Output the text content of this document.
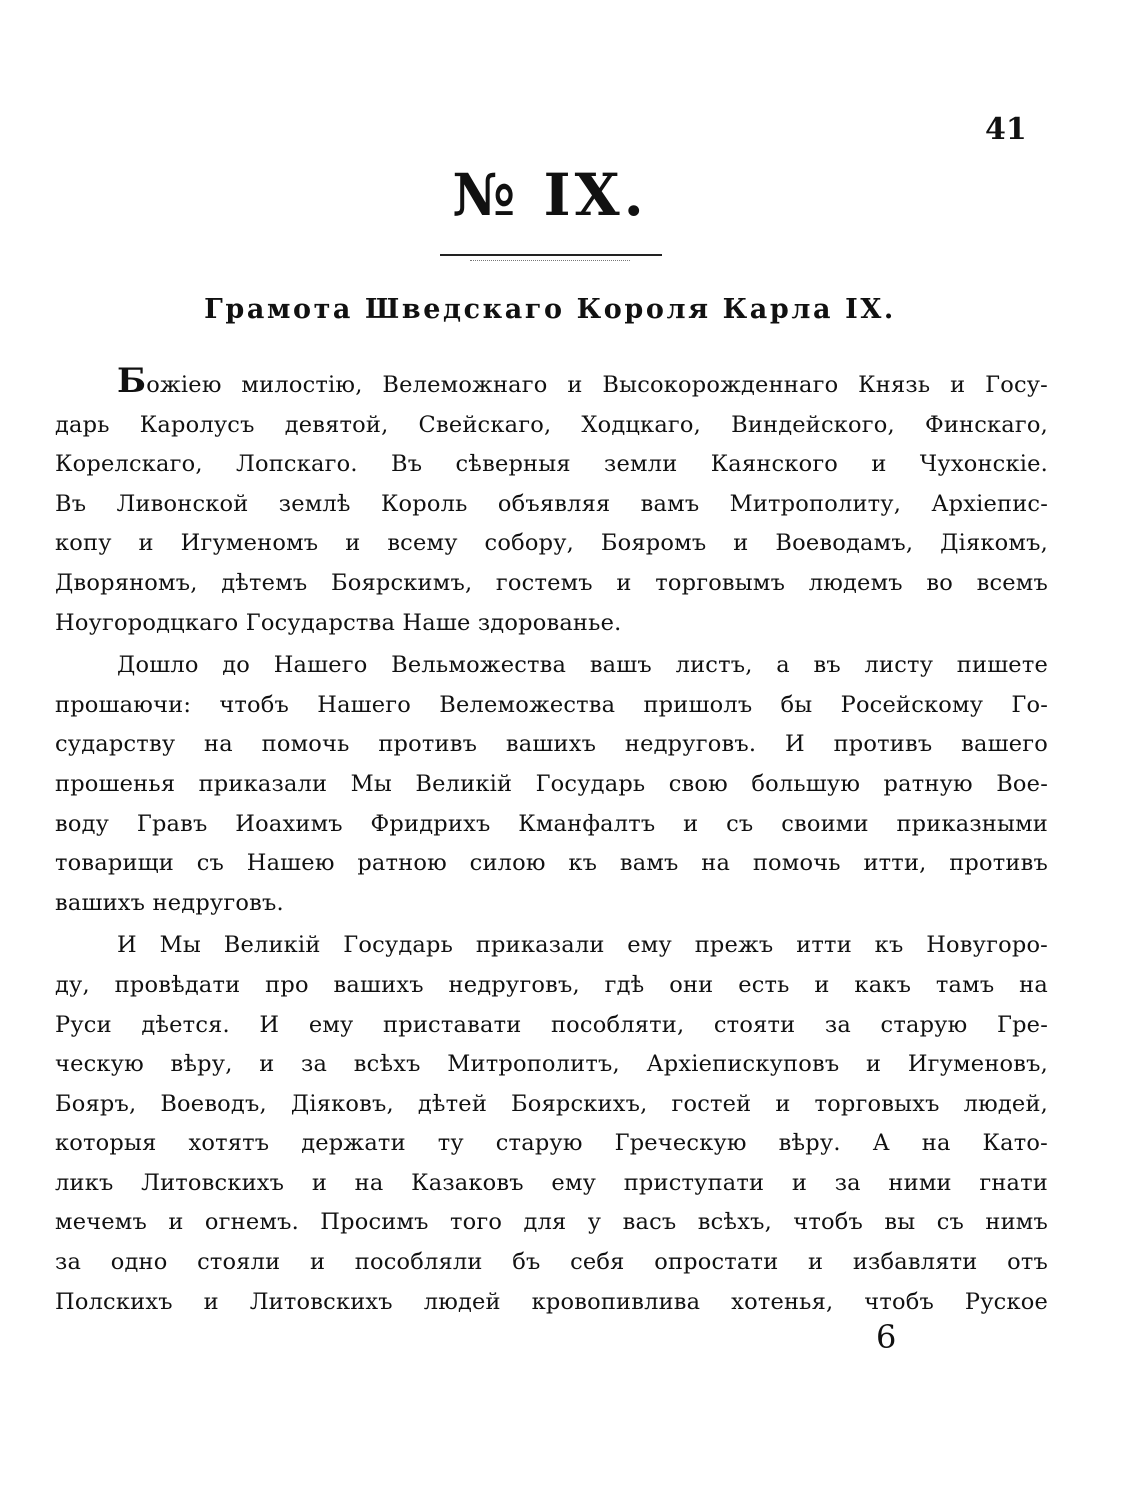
41
№ IX.
Грамота Шведскаго Короля Карла IX.
Божіею милостію, Велеможнаго и Высокорожденнаго Князь и Госу-
дарь Каролусъ девятой, Свейскаго, Ходцкаго, Виндейского, Финскаго,
Корелскаго, Лопскаго. Въ сѣверныя земли Каянского и Чухонскіе.
Въ Ливонской землѣ Король объявляя вамъ Митрополиту, Архіепис-
копу и Игуменомъ и всему собору, Бояромъ и Воеводамъ, Діякомъ,
Дворяномъ, дѣтемъ Боярскимъ, гостемъ и торговымъ людемъ во всемъ
Ноугородцкаго Государства Наше здорованье.
Дошло до Нашего Вельможества вашъ листъ, а въ листу пишете
прошаючи: чтобъ Нашего Велеможества пришолъ бы Росейскому Го-
сударству на помочь противъ вашихъ недруговъ. И противъ вашего
прошенья приказали Мы Великій Государь свою большую ратную Вое-
воду Гравъ Иоахимъ Фридрихъ Кманфалтъ и съ своими приказными
товарищи съ Нашею ратною силою къ вамъ на помочь итти, противъ
вашихъ недруговъ.
И Мы Великій Государь приказали ему прежъ итти къ Новугоро-
ду, провѣдати про вашихъ недруговъ, гдѣ они есть и какъ тамъ на
Руси дѣется. И ему приставати пособляти, стояти за старую Гре-
ческую вѣру, и за всѣхъ Митрополитъ, Архіепискуповъ и Игуменовъ,
Бояръ, Воеводъ, Діяковъ, дѣтей Боярскихъ, гостей и торговыхъ людей,
которыя хотятъ держати ту старую Греческую вѣру. А на Като-
ликъ Литовскихъ и на Казаковъ ему приступати и за ними гнати
мечемъ и огнемъ. Просимъ того для у васъ всѣхъ, чтобъ вы съ нимъ
за одно стояли и пособляли бъ себя опростати и избавляти отъ
Полскихъ и Литовскихъ людей кровопивлива хотенья, чтобъ Руское
6
